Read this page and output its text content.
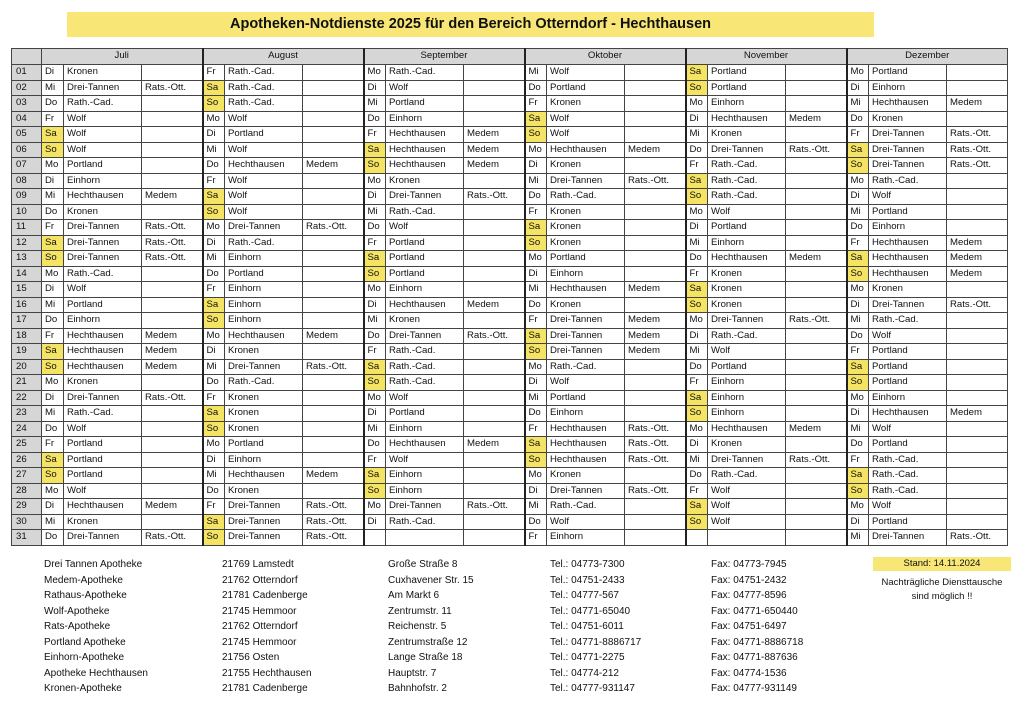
Apotheken-Notdienste 2025 für den Bereich Otterndorf - Hechthausen
	Juli			August			September			Oktober			November			Dezember		
01	Di	Kronen		Fr	Rath.-Cad.		Mo	Rath.-Cad.		Mi	Wolf		Sa	Portland		Mo	Portland	
02	Mi	Drei-Tannen	Rats.-Ott.	Sa	Rath.-Cad.		Di	Wolf		Do	Portland		So	Portland		Di	Einhorn	
03	Do	Rath.-Cad.		So	Rath.-Cad.		Mi	Portland		Fr	Kronen		Mo	Einhorn		Mi	Hechthausen	Medem
04	Fr	Wolf		Mo	Wolf		Do	Einhorn		Sa	Wolf		Di	Hechthausen	Medem	Do	Kronen	
05	Sa	Wolf		Di	Portland		Fr	Hechthausen	Medem	So	Wolf		Mi	Kronen		Fr	Drei-Tannen	Rats.-Ott.
06	So	Wolf		Mi	Wolf		Sa	Hechthausen	Medem	Mo	Hechthausen	Medem	Do	Drei-Tannen	Rats.-Ott.	Sa	Drei-Tannen	Rats.-Ott.
07	Mo	Portland		Do	Hechthausen	Medem	So	Hechthausen	Medem	Di	Kronen		Fr	Rath.-Cad.		So	Drei-Tannen	Rats.-Ott.
08	Di	Einhorn		Fr	Wolf		Mo	Kronen		Mi	Drei-Tannen	Rats.-Ott.	Sa	Rath.-Cad.		Mo	Rath.-Cad.	
09	Mi	Hechthausen	Medem	Sa	Wolf		Di	Drei-Tannen	Rats.-Ott.	Do	Rath.-Cad.		So	Rath.-Cad.		Di	Wolf	
10	Do	Kronen		So	Wolf		Mi	Rath.-Cad.		Fr	Kronen		Mo	Wolf		Mi	Portland	
11	Fr	Drei-Tannen	Rats.-Ott.	Mo	Drei-Tannen	Rats.-Ott.	Do	Wolf		Sa	Kronen		Di	Portland		Do	Einhorn	
12	Sa	Drei-Tannen	Rats.-Ott.	Di	Rath.-Cad.		Fr	Portland		So	Kronen		Mi	Einhorn		Fr	Hechthausen	Medem
13	So	Drei-Tannen	Rats.-Ott.	Mi	Einhorn		Sa	Portland		Mo	Portland		Do	Hechthausen	Medem	Sa	Hechthausen	Medem
14	Mo	Rath.-Cad.		Do	Portland		So	Portland		Di	Einhorn		Fr	Kronen		So	Hechthausen	Medem
15	Di	Wolf		Fr	Einhorn		Mo	Einhorn		Mi	Hechthausen	Medem	Sa	Kronen		Mo	Kronen	
16	Mi	Portland		Sa	Einhorn		Di	Hechthausen	Medem	Do	Kronen		So	Kronen		Di	Drei-Tannen	Rats.-Ott.
17	Do	Einhorn		So	Einhorn		Mi	Kronen		Fr	Drei-Tannen	Medem	Mo	Drei-Tannen	Rats.-Ott.	Mi	Rath.-Cad.	
18	Fr	Hechthausen	Medem	Mo	Hechthausen	Medem	Do	Drei-Tannen	Rats.-Ott.	Sa	Drei-Tannen	Medem	Di	Rath.-Cad.		Do	Wolf	
19	Sa	Hechthausen	Medem	Di	Kronen		Fr	Rath.-Cad.		So	Drei-Tannen	Medem	Mi	Wolf		Fr	Portland	
20	So	Hechthausen	Medem	Mi	Drei-Tannen	Rats.-Ott.	Sa	Rath.-Cad.		Mo	Rath.-Cad.		Do	Portland		Sa	Portland	
21	Mo	Kronen		Do	Rath.-Cad.		So	Rath.-Cad.		Di	Wolf		Fr	Einhorn		So	Portland	
22	Di	Drei-Tannen	Rats.-Ott.	Fr	Kronen		Mo	Wolf		Mi	Portland		Sa	Einhorn		Mo	Einhorn	
23	Mi	Rath.-Cad.		Sa	Kronen		Di	Portland		Do	Einhorn		So	Einhorn		Di	Hechthausen	Medem
24	Do	Wolf		So	Kronen		Mi	Einhorn		Fr	Hechthausen	Rats.-Ott.	Mo	Hechthausen	Medem	Mi	Wolf	
25	Fr	Portland		Mo	Portland		Do	Hechthausen	Medem	Sa	Hechthausen	Rats.-Ott.	Di	Kronen		Do	Portland	
26	Sa	Portland		Di	Einhorn		Fr	Wolf		So	Hechthausen	Rats.-Ott.	Mi	Drei-Tannen	Rats.-Ott.	Fr	Rath.-Cad.	
27	So	Portland		Mi	Hechthausen	Medem	Sa	Einhorn		Mo	Kronen		Do	Rath.-Cad.		Sa	Rath.-Cad.	
28	Mo	Wolf		Do	Kronen		So	Einhorn		Di	Drei-Tannen	Rats.-Ott.	Fr	Wolf		So	Rath.-Cad.	
29	Di	Hechthausen	Medem	Fr	Drei-Tannen	Rats.-Ott.	Mo	Drei-Tannen	Rats.-Ott.	Mi	Rath.-Cad.		Sa	Wolf		Mo	Wolf	
30	Mi	Kronen		Sa	Drei-Tannen	Rats.-Ott.	Di	Rath.-Cad.		Do	Wolf		So	Wolf		Di	Portland	
31	Do	Drei-Tannen	Rats.-Ott.	So	Drei-Tannen	Rats.-Ott.				Fr	Einhorn					Mi	Drei-Tannen	Rats.-Ott.
Drei Tannen Apotheke	21769 Lamstedt	Große Straße 8	Tel.: 04773-7300	Fax: 04773-7945
Medem-Apotheke	21762 Otterndorf	Cuxhavener Str. 15	Tel.: 04751-2433	Fax: 04751-2432
Rathaus-Apotheke	21781 Cadenberge	Am Markt 6	Tel.: 04777-567	Fax: 04777-8596
Wolf-Apotheke	21745 Hemmoor	Zentrumstr. 11	Tel.: 04771-65040	Fax: 04771-650440
Rats-Apotheke	21762 Otterndorf	Reichenstr. 5	Tel.: 04751-6011	Fax: 04751-6497
Portland Apotheke	21745 Hemmoor	Zentrumstraße 12	Tel.: 04771-8886717	Fax: 04771-8886718
Einhorn-Apotheke	21756 Osten	Lange Straße 18	Tel.: 04771-2275	Fax: 04771-887636
Apotheke Hechthausen	21755 Hechthausen	Hauptstr. 7	Tel.: 04774-212	Fax: 04774-1536
Kronen-Apotheke	21781 Cadenberge	Bahnhofstr. 2	Tel.: 04777-931147	Fax: 04777-931149
Stand: 14.11.2024
Nachträgliche Diensttausche
sind möglich !!
